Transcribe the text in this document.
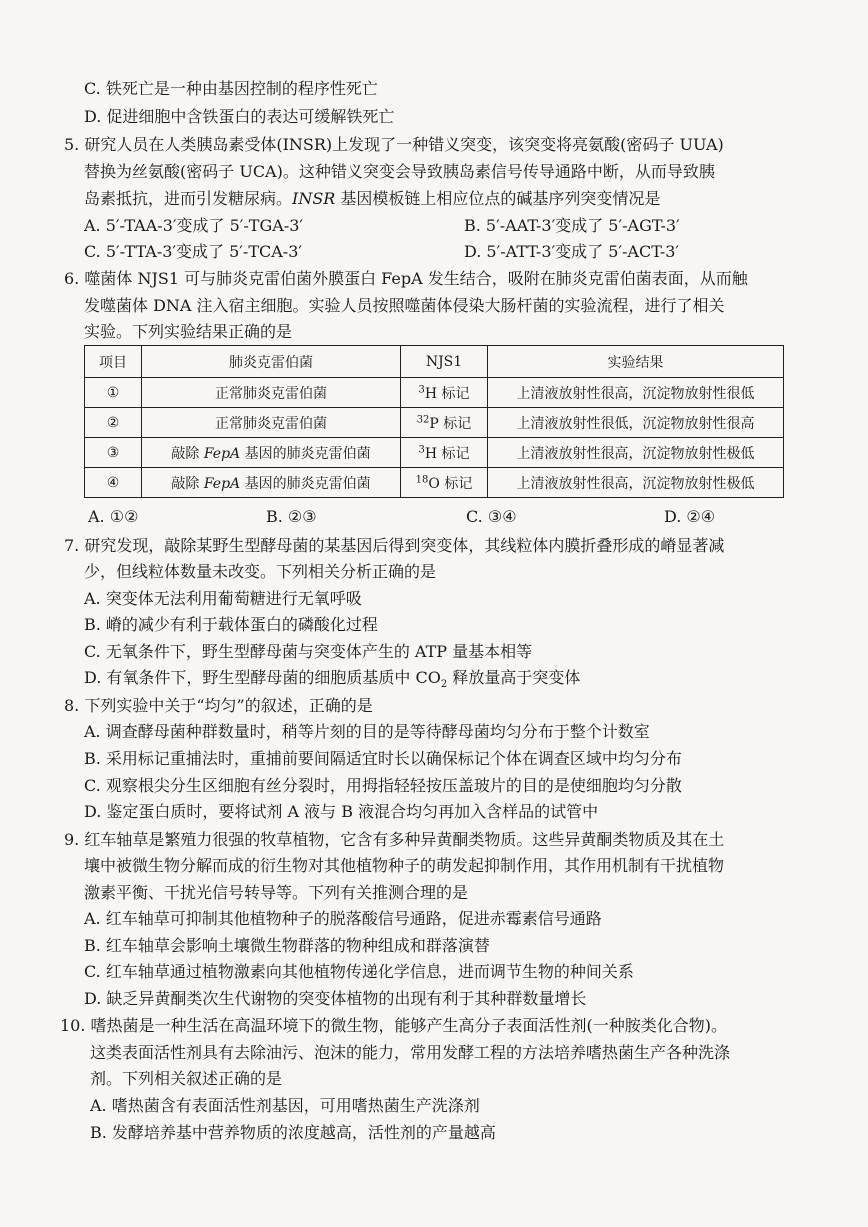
C. 铁死亡是一种由基因控制的程序性死亡
D. 促进细胞中含铁蛋白的表达可缓解铁死亡
5. 研究人员在人类胰岛素受体(INSR)上发现了一种错义突变，该突变将亮氨酸(密码子 UUA)
替换为丝氨酸(密码子 UCA)。这种错义突变会导致胰岛素信号传导通路中断，从而导致胰
岛素抵抗，进而引发糖尿病。INSR 基因模板链上相应位点的碱基序列突变情况是
A. 5′-TAA-3′变成了 5′-TGA-3′	B. 5′-AAT-3′变成了 5′-AGT-3′
C. 5′-TTA-3′变成了 5′-TCA-3′	D. 5′-ATT-3′变成了 5′-ACT-3′
6. 噬菌体 NJS1 可与肺炎克雷伯菌外膜蛋白 FepA 发生结合，吸附在肺炎克雷伯菌表面，从而触
发噬菌体 DNA 注入宿主细胞。实验人员按照噬菌体侵染大肠杆菌的实验流程，进行了相关
实验。下列实验结果正确的是
项目	肺炎克雷伯菌	NJS1	实验结果
①	正常肺炎克雷伯菌	$^3$H 标记	上清液放射性很高，沉淀物放射性很低
②	正常肺炎克雷伯菌	$^{32}$P 标记	上清液放射性很低，沉淀物放射性很高
③	敲除 FepA 基因的肺炎克雷伯菌	$^3$H 标记	上清液放射性很高，沉淀物放射性极低
④	敲除 FepA 基因的肺炎克雷伯菌	$^{18}$O 标记	上清液放射性很高，沉淀物放射性极低
A. ①②	B. ②③	C. ③④	D. ②④
7. 研究发现，敲除某野生型酵母菌的某基因后得到突变体，其线粒体内膜折叠形成的嵴显著减
少，但线粒体数量未改变。下列相关分析正确的是
A. 突变体无法利用葡萄糖进行无氧呼吸
B. 嵴的减少有利于载体蛋白的磷酸化过程
C. 无氧条件下，野生型酵母菌与突变体产生的 ATP 量基本相等
D. 有氧条件下，野生型酵母菌的细胞质基质中 $CO_2$ 释放量高于突变体
8. 下列实验中关于“均匀”的叙述，正确的是
A. 调查酵母菌种群数量时，稍等片刻的目的是等待酵母菌均匀分布于整个计数室
B. 采用标记重捕法时，重捕前要间隔适宜时长以确保标记个体在调查区域中均匀分布
C. 观察根尖分生区细胞有丝分裂时，用拇指轻轻按压盖玻片的目的是使细胞均匀分散
D. 鉴定蛋白质时，要将试剂 A 液与 B 液混合均匀再加入含样品的试管中
9. 红车轴草是繁殖力很强的牧草植物，它含有多种异黄酮类物质。这些异黄酮类物质及其在土
壤中被微生物分解而成的衍生物对其他植物种子的萌发起抑制作用，其作用机制有干扰植物
激素平衡、干扰光信号转导等。下列有关推测合理的是
A. 红车轴草可抑制其他植物种子的脱落酸信号通路，促进赤霉素信号通路
B. 红车轴草会影响土壤微生物群落的物种组成和群落演替
C. 红车轴草通过植物激素向其他植物传递化学信息，进而调节生物的种间关系
D. 缺乏异黄酮类次生代谢物的突变体植物的出现有利于其种群数量增长
10. 嗜热菌是一种生活在高温环境下的微生物，能够产生高分子表面活性剂(一种胺类化合物)。
这类表面活性剂具有去除油污、泡沫的能力，常用发酵工程的方法培养嗜热菌生产各种洗涤
剂。下列相关叙述正确的是
A. 嗜热菌含有表面活性剂基因，可用嗜热菌生产洗涤剂
B. 发酵培养基中营养物质的浓度越高，活性剂的产量越高
